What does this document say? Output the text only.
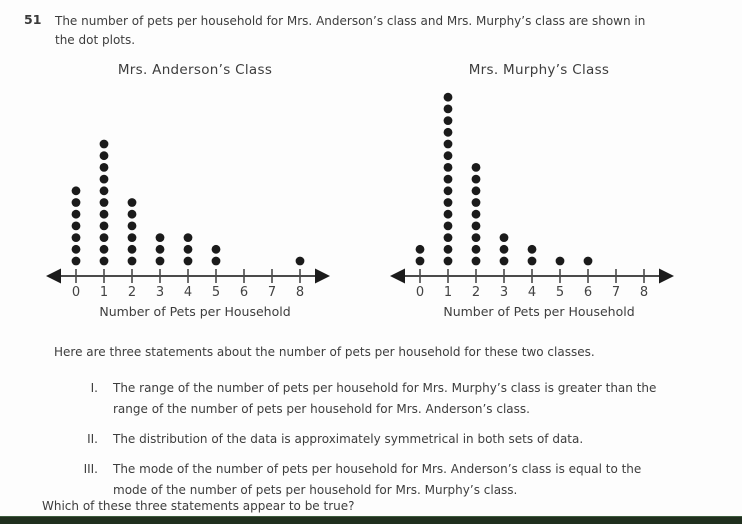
51 The number of pets per household for Mrs. Anderson’s class and Mrs. Murphy’s class are shown in the dot plots.

Mrs. Anderson’s Class
0 1 2 3 4 5 6 7 8
Number of Pets per Household
Mrs. Murphy’s Class
0 1 2 3 4 5 6 7 8
Number of Pets per Household

Here are three statements about the number of pets per household for these two classes.

I.	The range of the number of pets per household for Mrs. Murphy’s class is greater than the range of the number of pets per household for Mrs. Anderson’s class.
II.	The distribution of the data is approximately symmetrical in both sets of data.
III.	The mode of the number of pets per household for Mrs. Anderson’s class is equal to the mode of the number of pets per household for Mrs. Murphy’s class.

Which of these three statements appear to be true?
